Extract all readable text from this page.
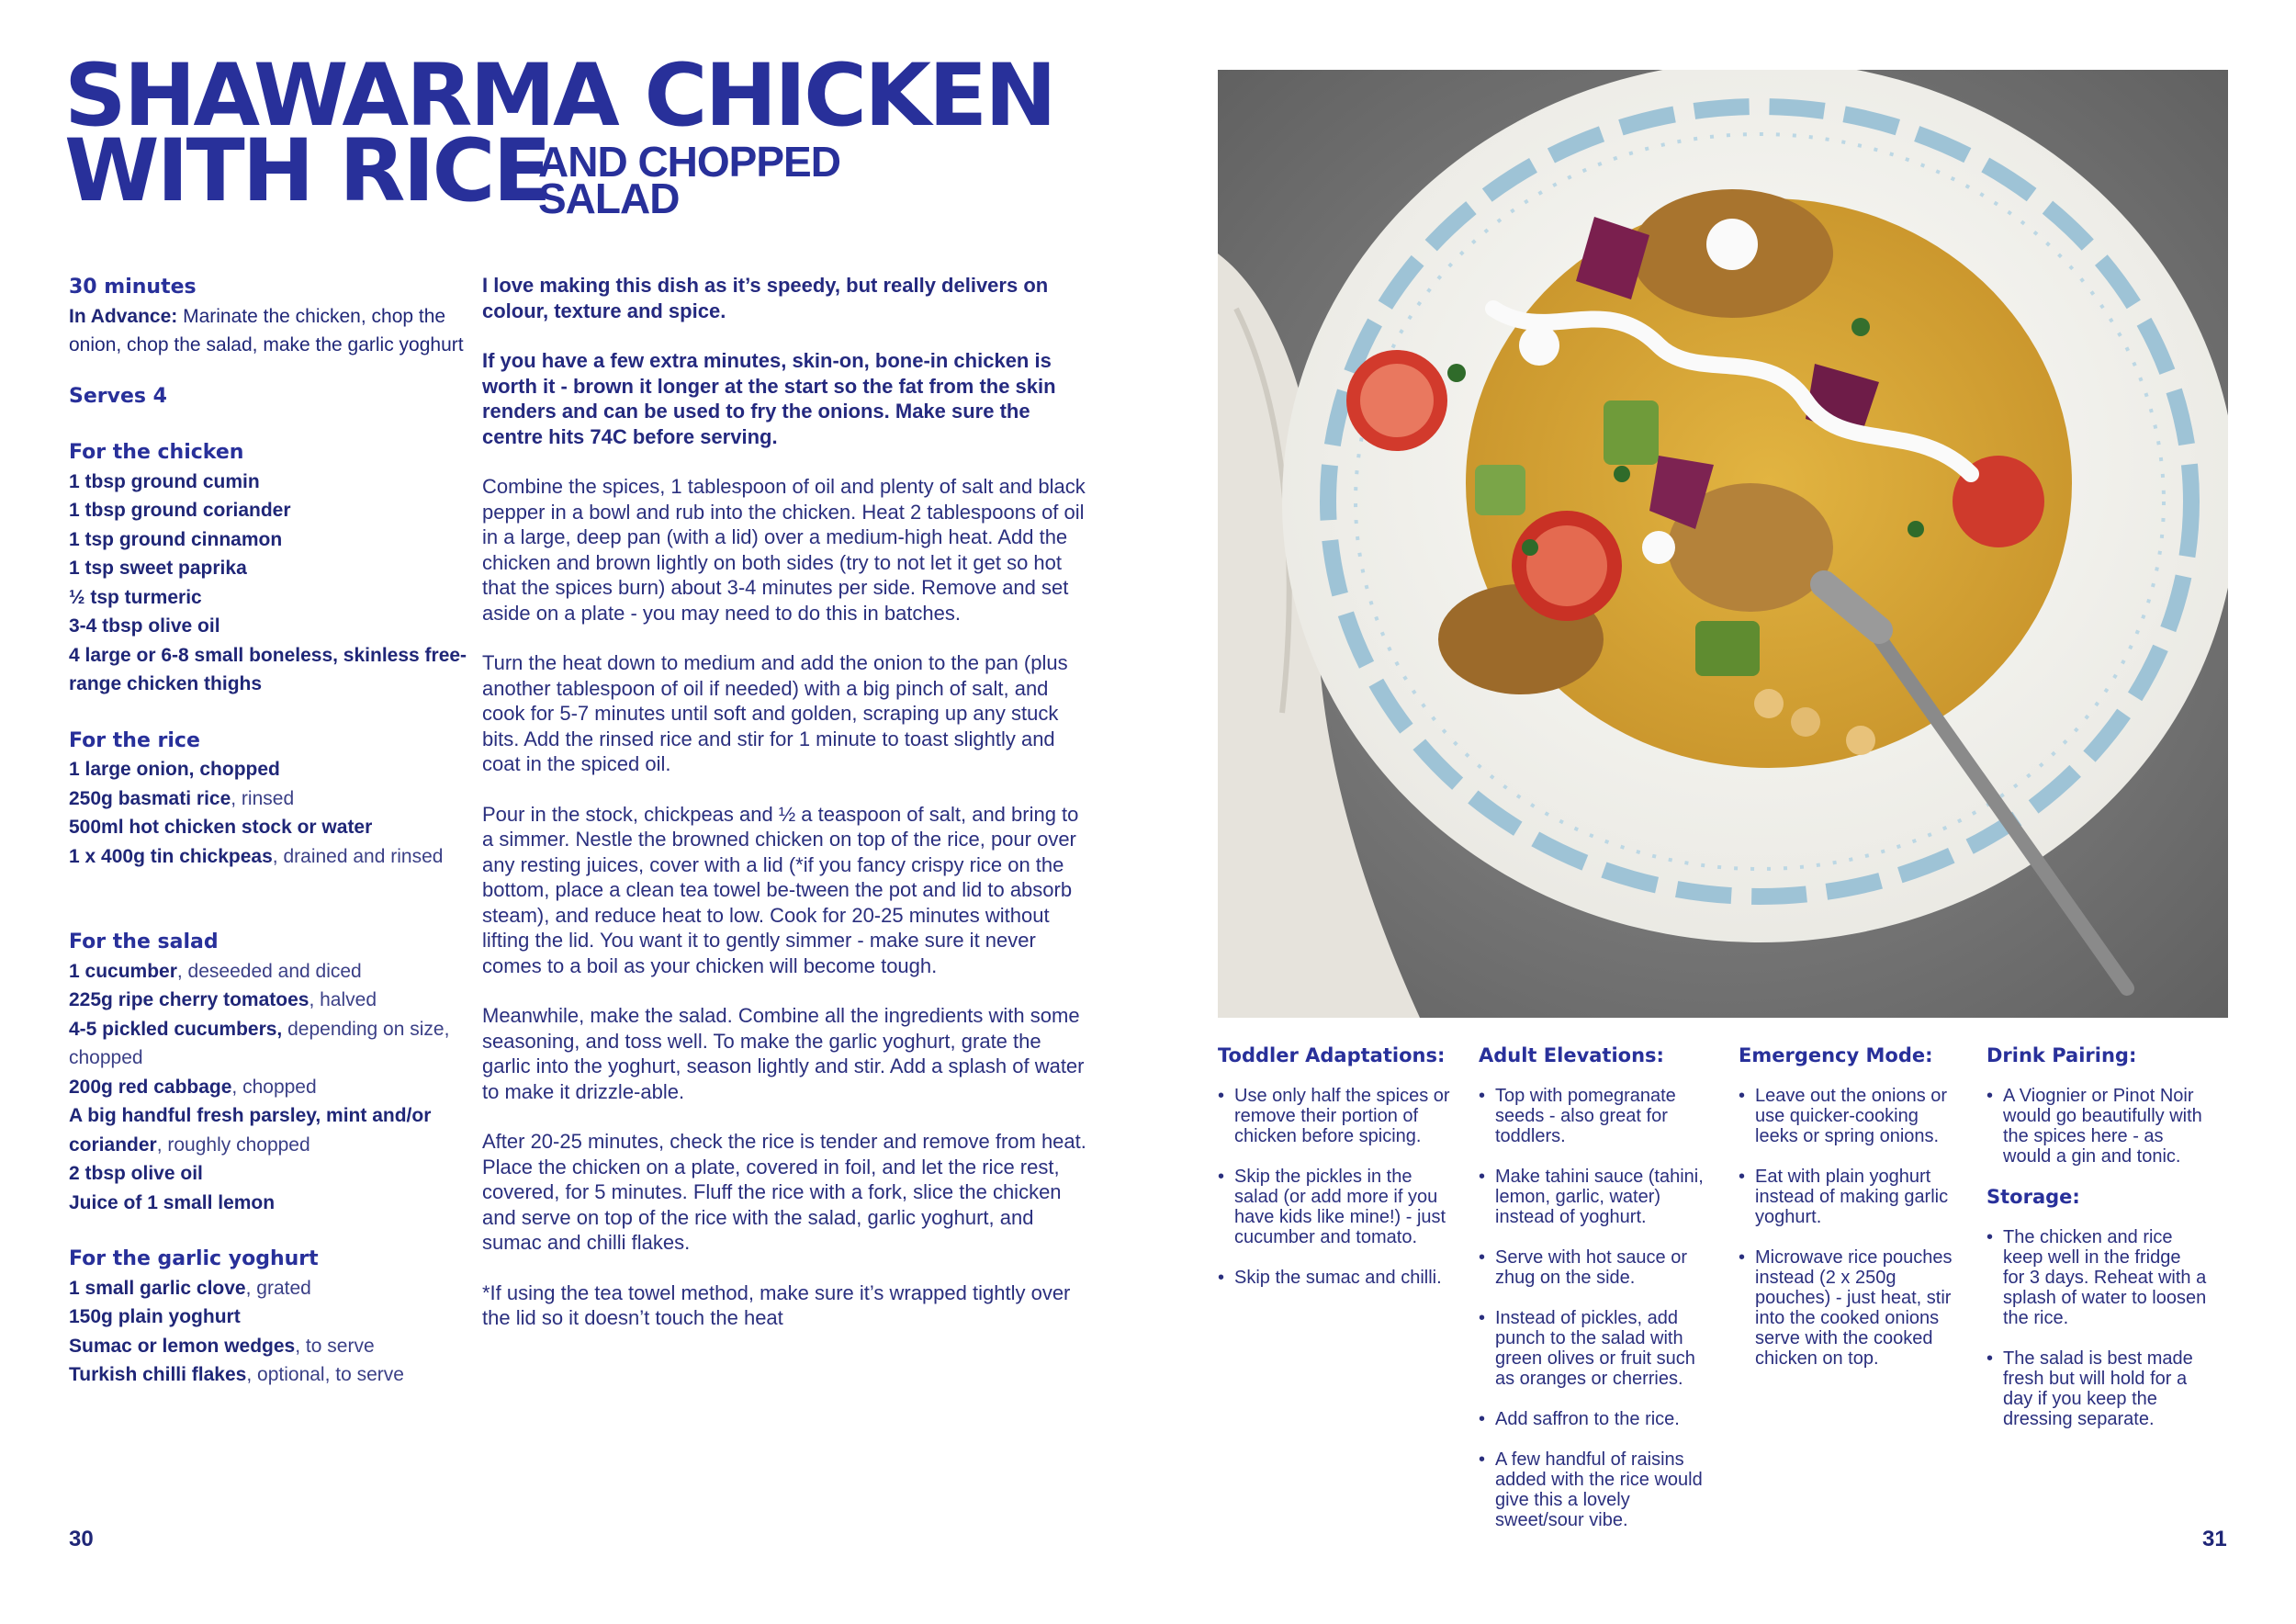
SHAWARMA CHICKEN
WITH RICE
AND CHOPPED
SALAD
30 minutes
In Advance: Marinate the chicken, chop the onion, chop the salad, make the garlic yoghurt
Serves 4
For the chicken
1 tbsp ground cumin
1 tbsp ground coriander
1 tsp ground cinnamon
1 tsp sweet paprika
½ tsp turmeric
3-4 tbsp olive oil
4 large or 6-8 small boneless, skinless free-range chicken thighs
For the rice
1 large onion, chopped
250g basmati rice, rinsed
500ml hot chicken stock or water
1 x 400g tin chickpeas, drained and rinsed
For the salad
1 cucumber, deseeded and diced
225g ripe cherry tomatoes, halved
4-5 pickled cucumbers, depending on size, chopped
200g red cabbage, chopped
A big handful fresh parsley, mint and/or coriander, roughly chopped
2 tbsp olive oil
Juice of 1 small lemon
For the garlic yoghurt
1 small garlic clove, grated
150g plain yoghurt
Sumac or lemon wedges, to serve
Turkish chilli flakes, optional, to serve

I love making this dish as it’s speedy, but really delivers on colour, texture and spice.

If you have a few extra minutes, skin-on, bone-in chicken is worth it - brown it longer at the start so the fat from the skin renders and can be used to fry the onions. Make sure the centre hits 74C before serving.

Combine the spices, 1 tablespoon of oil and plenty of salt and black pepper in a bowl and rub into the chicken. Heat 2 tablespoons of oil in a large, deep pan (with a lid) over a medium-high heat. Add the chicken and brown lightly on both sides (try to not let it get so hot that the spices burn) about 3-4 minutes per side. Remove and set aside on a plate - you may need to do this in batches.

Turn the heat down to medium and add the onion to the pan (plus another tablespoon of oil if needed) with a big pinch of salt, and cook for 5-7 minutes until soft and golden, scraping up any stuck bits. Add the rinsed rice and stir for 1 minute to toast slightly and coat in the spiced oil.

Pour in the stock, chickpeas and ½ a teaspoon of salt, and bring to a simmer. Nestle the browned chicken on top of the rice, pour over any resting juices, cover with a lid (*if you fancy crispy rice on the bottom, place a clean tea towel be-tween the pot and lid to absorb steam), and reduce heat to low. Cook for 20-25 minutes without lifting the lid. You want it to gently simmer - make sure it never comes to a boil as your chicken will become tough.

Meanwhile, make the salad. Combine all the ingredients with some seasoning, and toss well. To make the garlic yoghurt, grate the garlic into the yoghurt, season lightly and stir. Add a splash of water to make it drizzle-able.

After 20-25 minutes, check the rice is tender and remove from heat. Place the chicken on a plate, covered in foil, and let the rice rest, covered, for 5 minutes. Fluff the rice with a fork, slice the chicken and serve on top of the rice with the salad, garlic yoghurt, and sumac and chilli flakes.

*If using the tea towel method, make sure it’s wrapped tightly over the lid so it doesn’t touch the heat

Toddler Adaptations:
• Use only half the spices or remove their portion of chicken before spicing.
• Skip the pickles in the salad (or add more if you have kids like mine!) - just cucumber and tomato.
• Skip the sumac and chilli.
Adult Elevations:
• Top with pomegranate seeds - also great for toddlers.
• Make tahini sauce (tahini, lemon, garlic, water) instead of yoghurt.
• Serve with hot sauce or zhug on the side.
• Instead of pickles, add punch to the salad with green olives or fruit such as oranges or cherries.
• Add saffron to the rice.
• A few handful of raisins added with the rice would give this a lovely sweet/sour vibe.
Emergency Mode:
• Leave out the onions or use quicker-cooking leeks or spring onions.
• Eat with plain yoghurt instead of making garlic yoghurt.
• Microwave rice pouches instead (2 x 250g pouches) - just heat, stir into the cooked onions serve with the cooked chicken on top.
Drink Pairing:
• A Viognier or Pinot Noir would go beautifully with the spices here - as would a gin and tonic.
Storage:
• The chicken and rice keep well in the fridge for 3 days. Reheat with a splash of water to loosen the rice.
• The salad is best made fresh but will hold for a day if you keep the dressing separate.
30	31
